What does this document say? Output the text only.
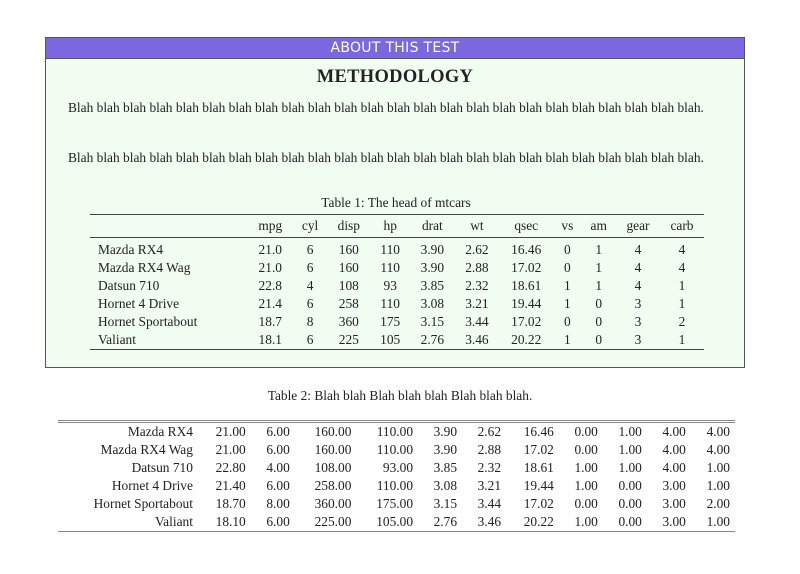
ABOUT THIS TEST
METHODOLOGY
Blah blah blah blah blah blah blah blah blah blah blah blah blah blah blah blah blah blah blah blah blah blah blah blah.
Blah blah blah blah blah blah blah blah blah blah blah blah blah blah blah blah blah blah blah blah blah blah blah blah.
Table 1: The head of mtcars
	mpg	cyl	disp	hp	drat	wt	qsec	vs	am	gear	carb
Mazda RX4	21.0	6	160	110	3.90	2.62	16.46	0	1	4	4
Mazda RX4 Wag	21.0	6	160	110	3.90	2.88	17.02	0	1	4	4
Datsun 710	22.8	4	108	93	3.85	2.32	18.61	1	1	4	1
Hornet 4 Drive	21.4	6	258	110	3.08	3.21	19.44	1	0	3	1
Hornet Sportabout	18.7	8	360	175	3.15	3.44	17.02	0	0	3	2
Valiant	18.1	6	225	105	2.76	3.46	20.22	1	0	3	1
Table 2: Blah blah Blah blah blah Blah blah blah.
Mazda RX4	21.00	6.00	160.00	110.00	3.90	2.62	16.46	0.00	1.00	4.00	4.00
Mazda RX4 Wag	21.00	6.00	160.00	110.00	3.90	2.88	17.02	0.00	1.00	4.00	4.00
Datsun 710	22.80	4.00	108.00	93.00	3.85	2.32	18.61	1.00	1.00	4.00	1.00
Hornet 4 Drive	21.40	6.00	258.00	110.00	3.08	3.21	19.44	1.00	0.00	3.00	1.00
Hornet Sportabout	18.70	8.00	360.00	175.00	3.15	3.44	17.02	0.00	0.00	3.00	2.00
Valiant	18.10	6.00	225.00	105.00	2.76	3.46	20.22	1.00	0.00	3.00	1.00
